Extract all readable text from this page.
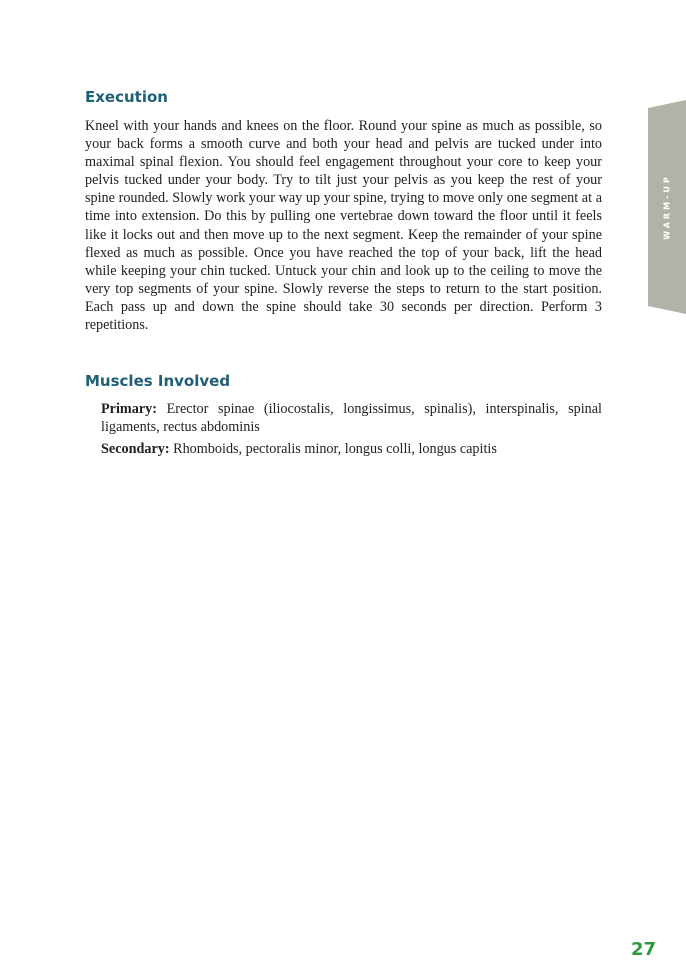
Execution

Kneel with your hands and knees on the floor. Round your spine as much as possible, so your back forms a smooth curve and both your head and pelvis are tucked under into maximal spinal flexion. You should feel engagement throughout your core to keep your pelvis tucked under your body. Try to tilt just your pelvis as you keep the rest of your spine rounded. Slowly work your way up your spine, trying to move only one segment at a time into extension. Do this by pulling one vertebrae down toward the floor until it feels like it locks out and then move up to the next segment. Keep the remainder of your spine flexed as much as possible. Once you have reached the top of your back, lift the head while keeping your chin tucked. Untuck your chin and look up to the ceiling to move the very top segments of your spine. Slowly reverse the steps to return to the start position. Each pass up and down the spine should take 30 seconds per direction. Perform 3 repetitions.

Muscles Involved

Primary: Erector spinae (iliocostalis, longissimus, spinalis), interspinalis, spinal ligaments, rectus abdominis

Secondary: Rhomboids, pectoralis minor, longus colli, longus capitis

WARM-UP
27
